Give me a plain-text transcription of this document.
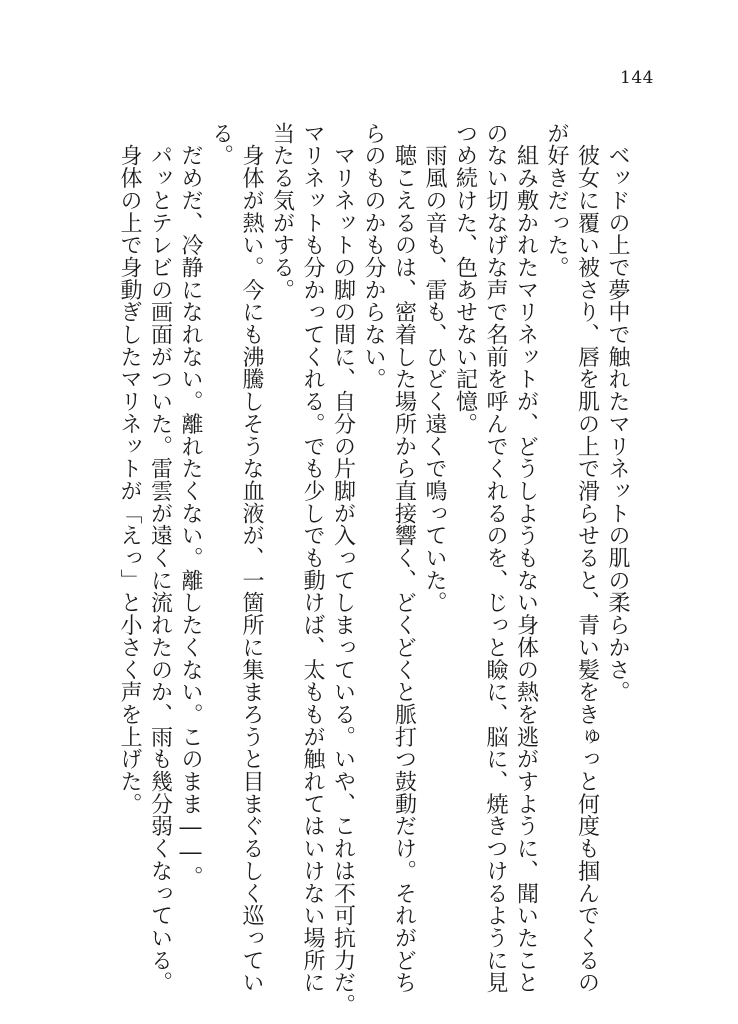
144
　ベッドの上で夢中で触れたマリネットの肌の柔らかさ。
　彼女に覆い被さり、唇を肌の上で滑らせると、青い髪をきゅっと何度も掴んでくるの
が好きだった。
　組み敷かれたマリネットが、どうしようもない身体の熱を逃がすように、聞いたこと
のない切なげな声で名前を呼んでくれるのを、じっと瞼に、脳に、焼きつけるように見
つめ続けた、色あせない記憶。
　雨風の音も、雷も、ひどく遠くで鳴っていた。
　聴こえるのは、密着した場所から直接響く、どくどくと脈打つ鼓動だけ。それがどち
らのものかも分からない。
　マリネットの脚の間に、自分の片脚が入ってしまっている。いや、これは不可抗力だ。
マリネットも分かってくれる。でも少しでも動けば、太ももが触れてはいけない場所に
当たる気がする。
　身体が熱い。今にも沸騰しそうな血液が、一箇所に集まろうと目まぐるしく巡ってい
る。
　だめだ、冷静になれない。離れたくない。離したくない。このまま――。
　パッとテレビの画面がついた。雷雲が遠くに流れたのか、雨も幾分弱くなっている。
　身体の上で身動ぎしたマリネットが「えっ」と小さく声を上げた。
